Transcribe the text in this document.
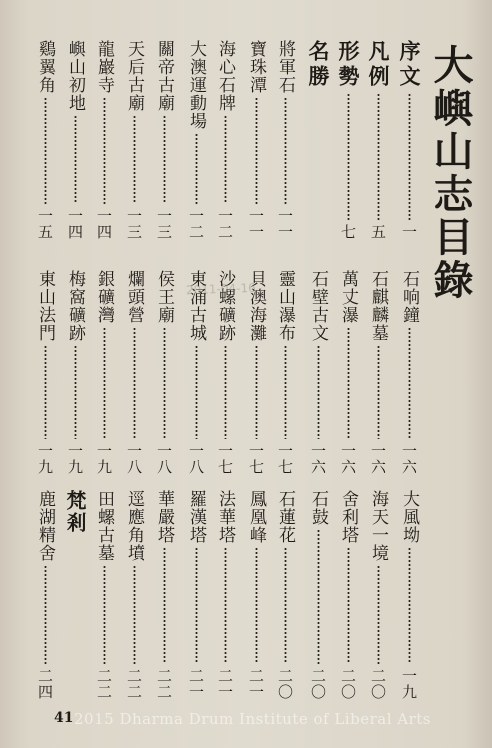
大嶼山志目錄
序文
一
凡例
五
形勢
七
名勝
將軍石
一一
寶珠潭
一一
海心石牌
一二
大澳運動場
一二
關帝古廟
一三
天后古廟
一三
龍巖寺
一四
嶼山初地
一四
鷄翼角
一五
石响鐘
一六
石麒麟墓
一六
萬丈瀑
一六
石壁古文
一六
靈山瀑布
一七
貝澳海灘
一七
沙螺礦跡
一七
東涌古城
一八
侯王廟
一八
爛頭營
一八
銀礦灣
一九
梅窩礦跡
一九
東山法門
一九
大風坳
一九
海天一境
二〇
舍利塔
二〇
石鼓
二〇
石蓮花
二〇
鳳凰峰
二一
法華塔
二一
羅漢塔
二一
華嚴塔
二二
逕應角墳
二二
田螺古墓
二二
梵剎
鹿湖精舍
二四
2011-04-16
41 2015 Dharma Drum Institute of Liberal Arts
